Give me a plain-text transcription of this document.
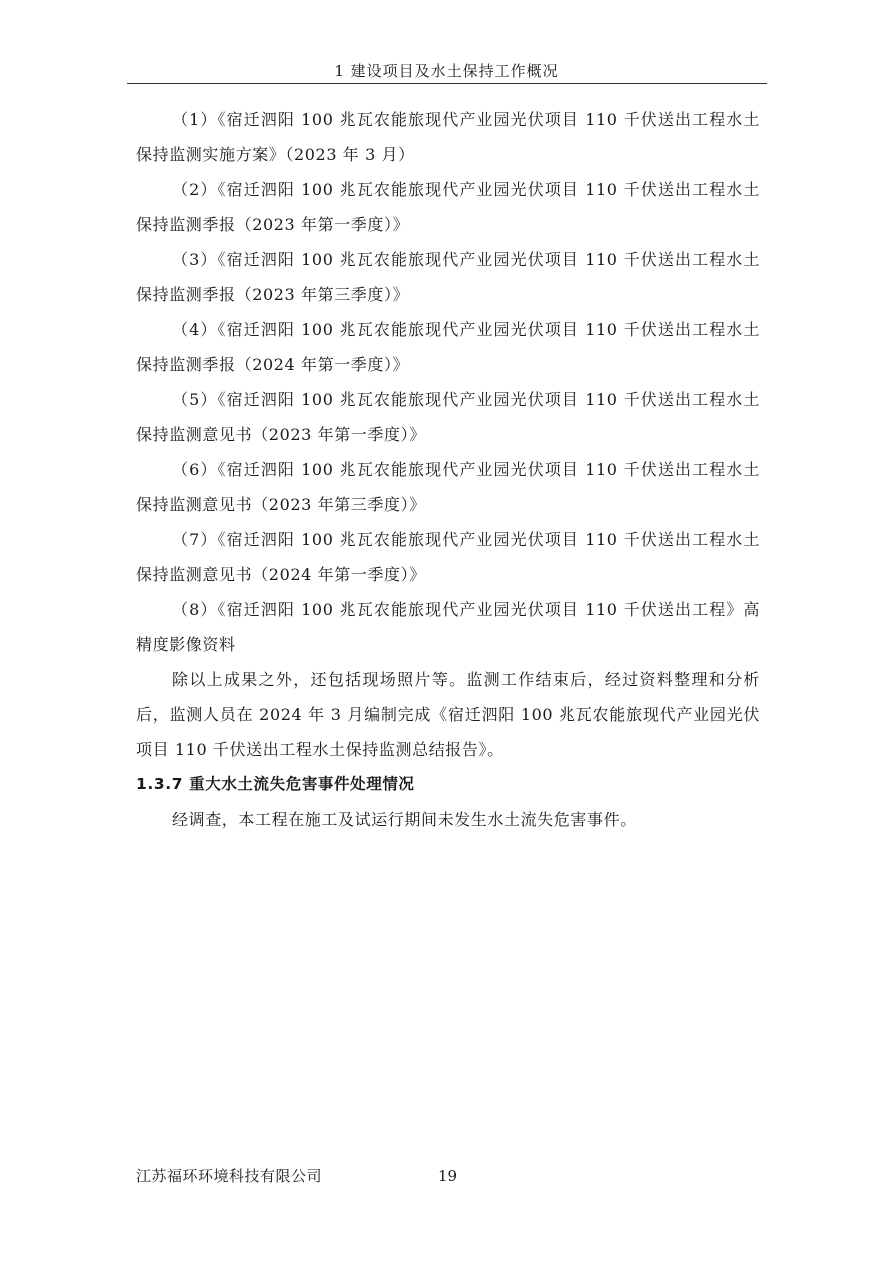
1 建设项目及水土保持工作概况

（1）《宿迁泗阳 100 兆瓦农能旅现代产业园光伏项目 110 千伏送出工程水土保持监测实施方案》（2023 年 3 月）

（2）《宿迁泗阳 100 兆瓦农能旅现代产业园光伏项目 110 千伏送出工程水土保持监测季报（2023 年第一季度）》

（3）《宿迁泗阳 100 兆瓦农能旅现代产业园光伏项目 110 千伏送出工程水土保持监测季报（2023 年第三季度）》

（4）《宿迁泗阳 100 兆瓦农能旅现代产业园光伏项目 110 千伏送出工程水土保持监测季报（2024 年第一季度）》

（5）《宿迁泗阳 100 兆瓦农能旅现代产业园光伏项目 110 千伏送出工程水土保持监测意见书（2023 年第一季度）》

（6）《宿迁泗阳 100 兆瓦农能旅现代产业园光伏项目 110 千伏送出工程水土保持监测意见书（2023 年第三季度）》

（7）《宿迁泗阳 100 兆瓦农能旅现代产业园光伏项目 110 千伏送出工程水土保持监测意见书（2024 年第一季度）》

（8）《宿迁泗阳 100 兆瓦农能旅现代产业园光伏项目 110 千伏送出工程》高精度影像资料

除以上成果之外，还包括现场照片等。监测工作结束后，经过资料整理和分析后，监测人员在 2024 年 3 月编制完成《宿迁泗阳 100 兆瓦农能旅现代产业园光伏项目 110 千伏送出工程水土保持监测总结报告》。

1.3.7 重大水土流失危害事件处理情况

经调查，本工程在施工及试运行期间未发生水土流失危害事件。

江苏福环环境科技有限公司	19
